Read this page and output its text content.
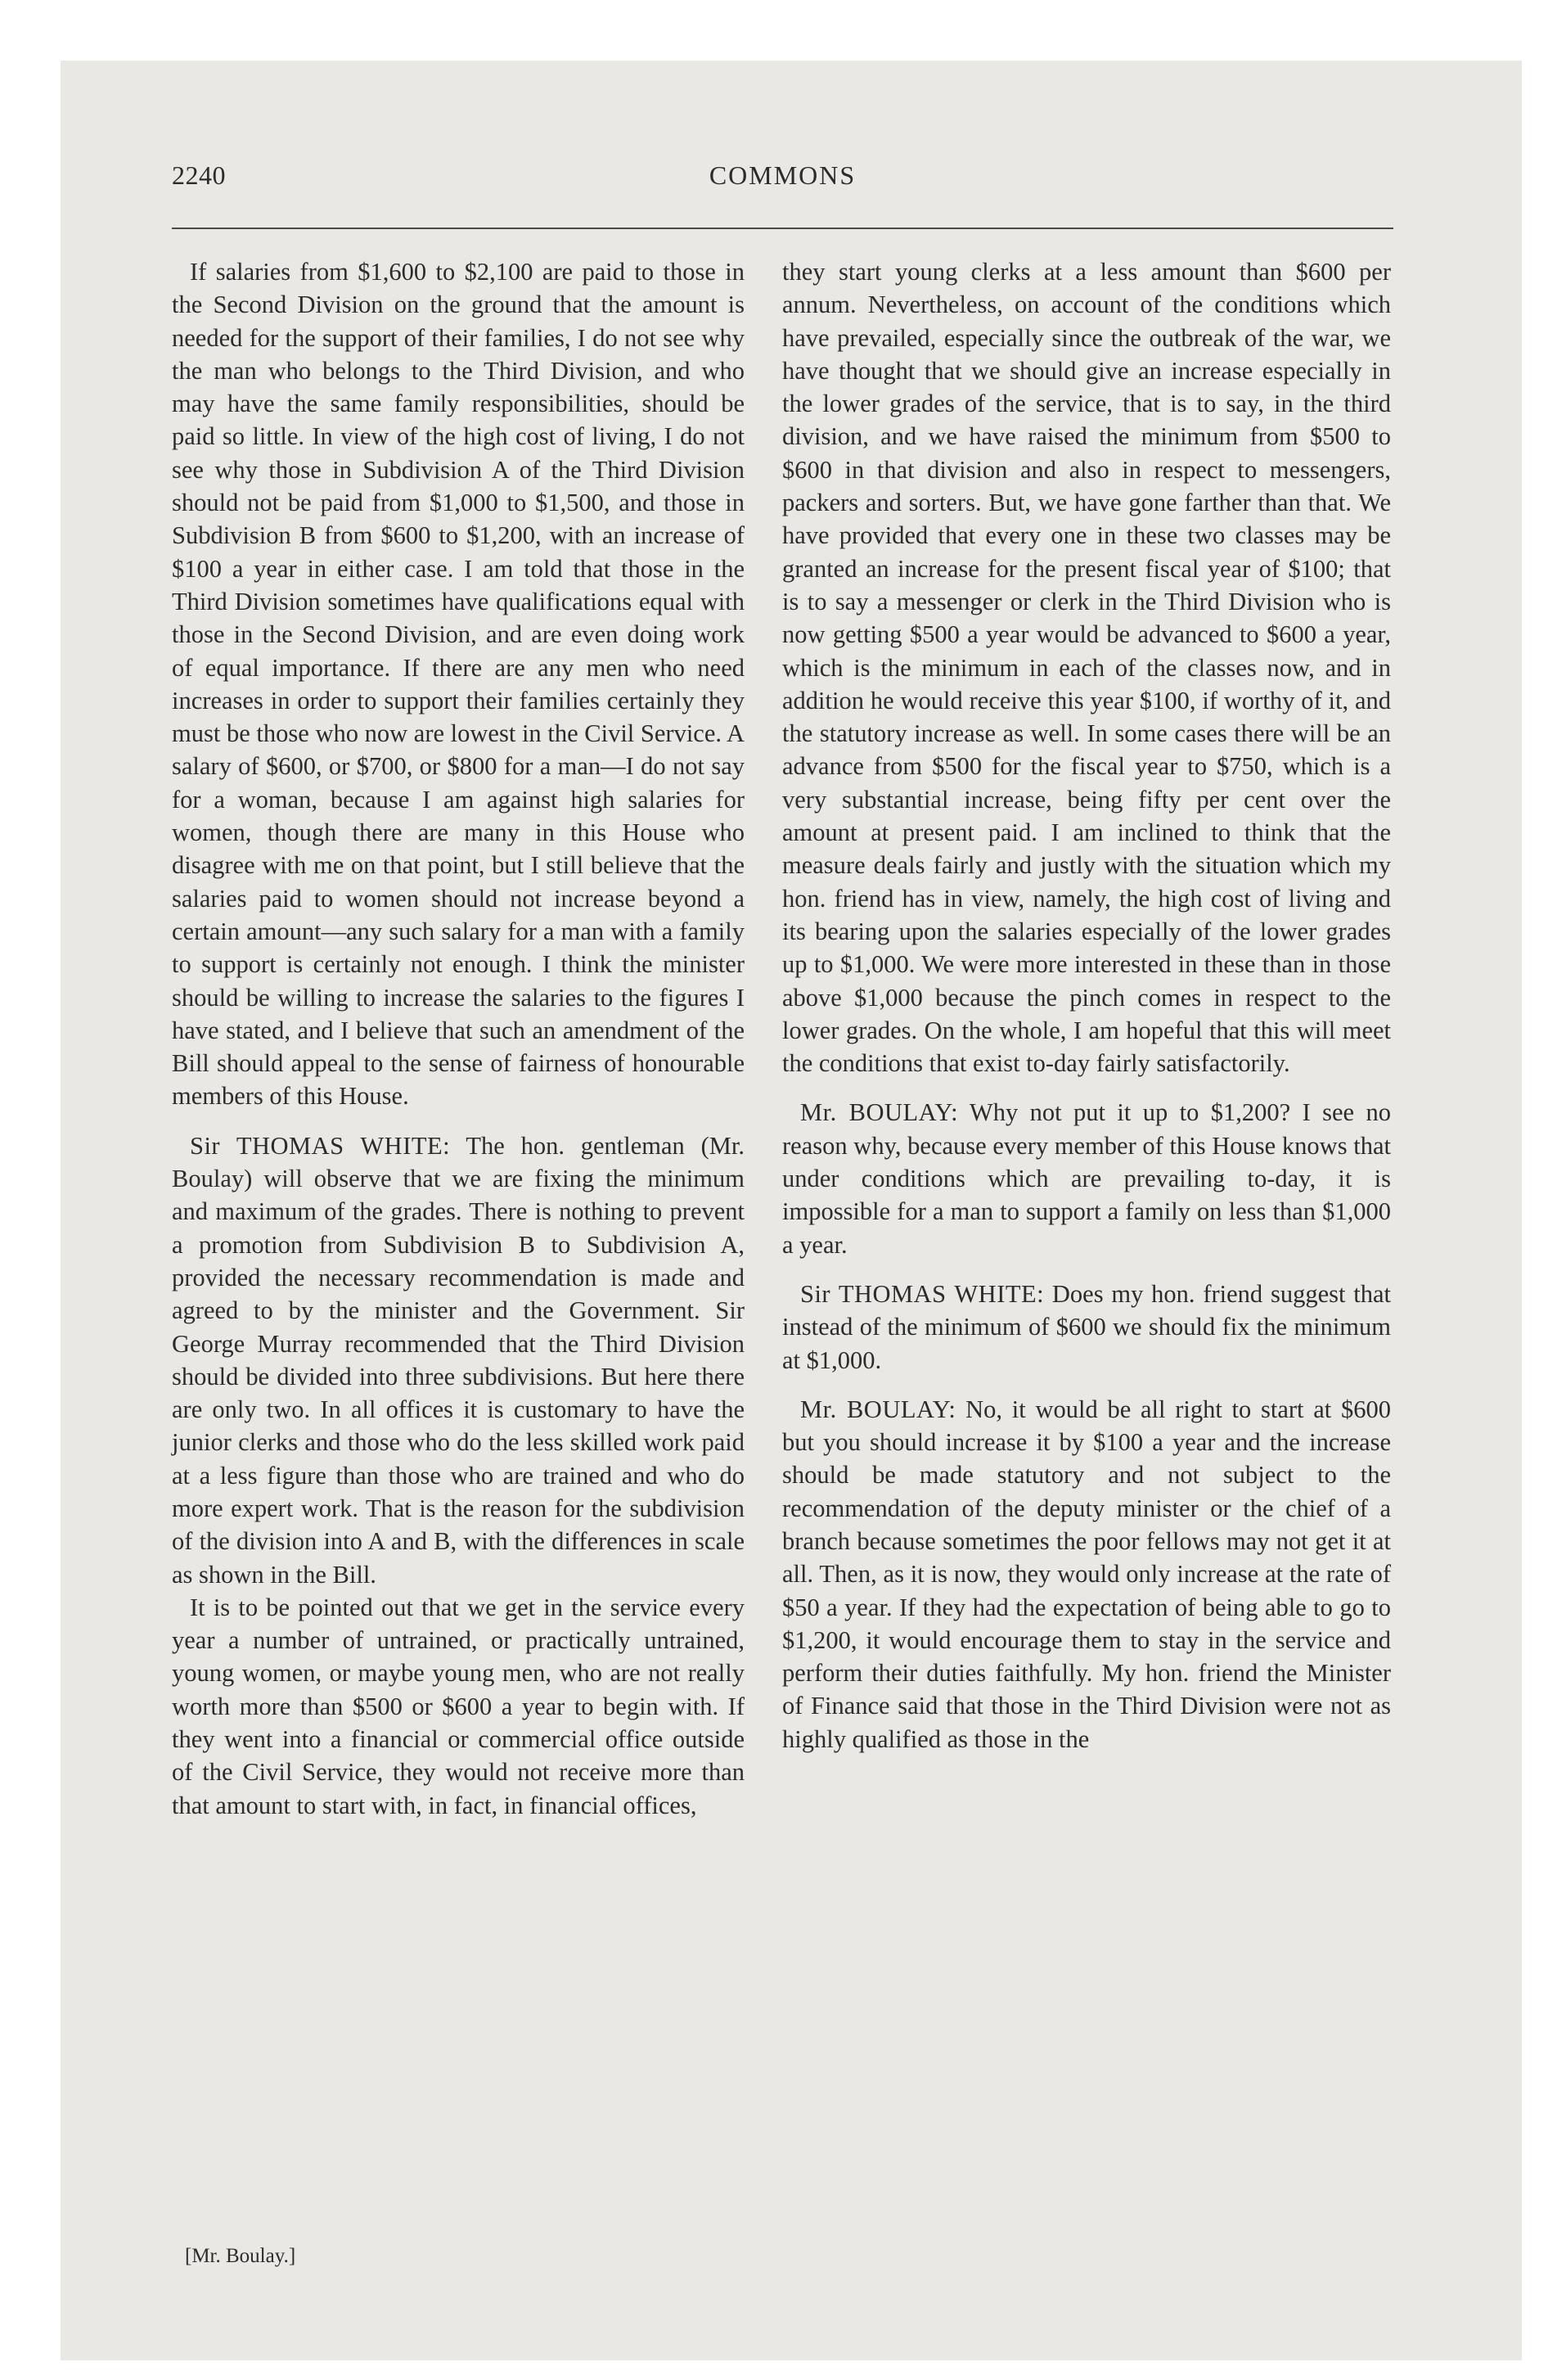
2240	COMMONS

If salaries from $1,600 to $2,100 are paid to those in the Second Division on the ground that the amount is needed for the support of their families, I do not see why the man who belongs to the Third Division, and who may have the same family responsibilities, should be paid so little. In view of the high cost of living, I do not see why those in Subdivision A of the Third Division should not be paid from $1,000 to $1,500, and those in Subdivision B from $600 to $1,200, with an increase of $100 a year in either case. I am told that those in the Third Division sometimes have qualifications equal with those in the Second Division, and are even doing work of equal importance. If there are any men who need increases in order to support their families certainly they must be those who now are lowest in the Civil Service. A salary of $600, or $700, or $800 for a man—I do not say for a woman, because I am against high salaries for women, though there are many in this House who disagree with me on that point, but I still believe that the salaries paid to women should not increase beyond a certain amount—any such salary for a man with a family to support is certainly not enough. I think the minister should be willing to increase the salaries to the figures I have stated, and I believe that such an amendment of the Bill should appeal to the sense of fairness of honourable members of this House.

Sir THOMAS WHITE: The hon. gentleman (Mr. Boulay) will observe that we are fixing the minimum and maximum of the grades. There is nothing to prevent a promotion from Subdivision B to Subdivision A, provided the necessary recommendation is made and agreed to by the minister and the Government. Sir George Murray recommended that the Third Division should be divided into three subdivisions. But here there are only two. In all offices it is customary to have the junior clerks and those who do the less skilled work paid at a less figure than those who are trained and who do more expert work. That is the reason for the subdivision of the division into A and B, with the differences in scale as shown in the Bill.

It is to be pointed out that we get in the service every year a number of untrained, or practically untrained, young women, or maybe young men, who are not really worth more than $500 or $600 a year to begin with. If they went into a financial or commercial office outside of the Civil Service, they would not receive more than that amount to start with, in fact, in financial offices,

they start young clerks at a less amount than $600 per annum. Nevertheless, on account of the conditions which have prevailed, especially since the outbreak of the war, we have thought that we should give an increase especially in the lower grades of the service, that is to say, in the third division, and we have raised the minimum from $500 to $600 in that division and also in respect to messengers, packers and sorters. But, we have gone farther than that. We have provided that every one in these two classes may be granted an increase for the present fiscal year of $100; that is to say a messenger or clerk in the Third Division who is now getting $500 a year would be advanced to $600 a year, which is the minimum in each of the classes now, and in addition he would receive this year $100, if worthy of it, and the statutory increase as well. In some cases there will be an advance from $500 for the fiscal year to $750, which is a very substantial increase, being fifty per cent over the amount at present paid. I am inclined to think that the measure deals fairly and justly with the situation which my hon. friend has in view, namely, the high cost of living and its bearing upon the salaries especially of the lower grades up to $1,000. We were more interested in these than in those above $1,000 because the pinch comes in respect to the lower grades. On the whole, I am hopeful that this will meet the conditions that exist to-day fairly satisfactorily.

Mr. BOULAY: Why not put it up to $1,200? I see no reason why, because every member of this House knows that under conditions which are prevailing to-day, it is impossible for a man to support a family on less than $1,000 a year.

Sir THOMAS WHITE: Does my hon. friend suggest that instead of the minimum of $600 we should fix the minimum at $1,000.

Mr. BOULAY: No, it would be all right to start at $600 but you should increase it by $100 a year and the increase should be made statutory and not subject to the recommendation of the deputy minister or the chief of a branch because sometimes the poor fellows may not get it at all. Then, as it is now, they would only increase at the rate of $50 a year. If they had the expectation of being able to go to $1,200, it would encourage them to stay in the service and perform their duties faithfully. My hon. friend the Minister of Finance said that those in the Third Division were not as highly qualified as those in the

[Mr. Boulay.]
